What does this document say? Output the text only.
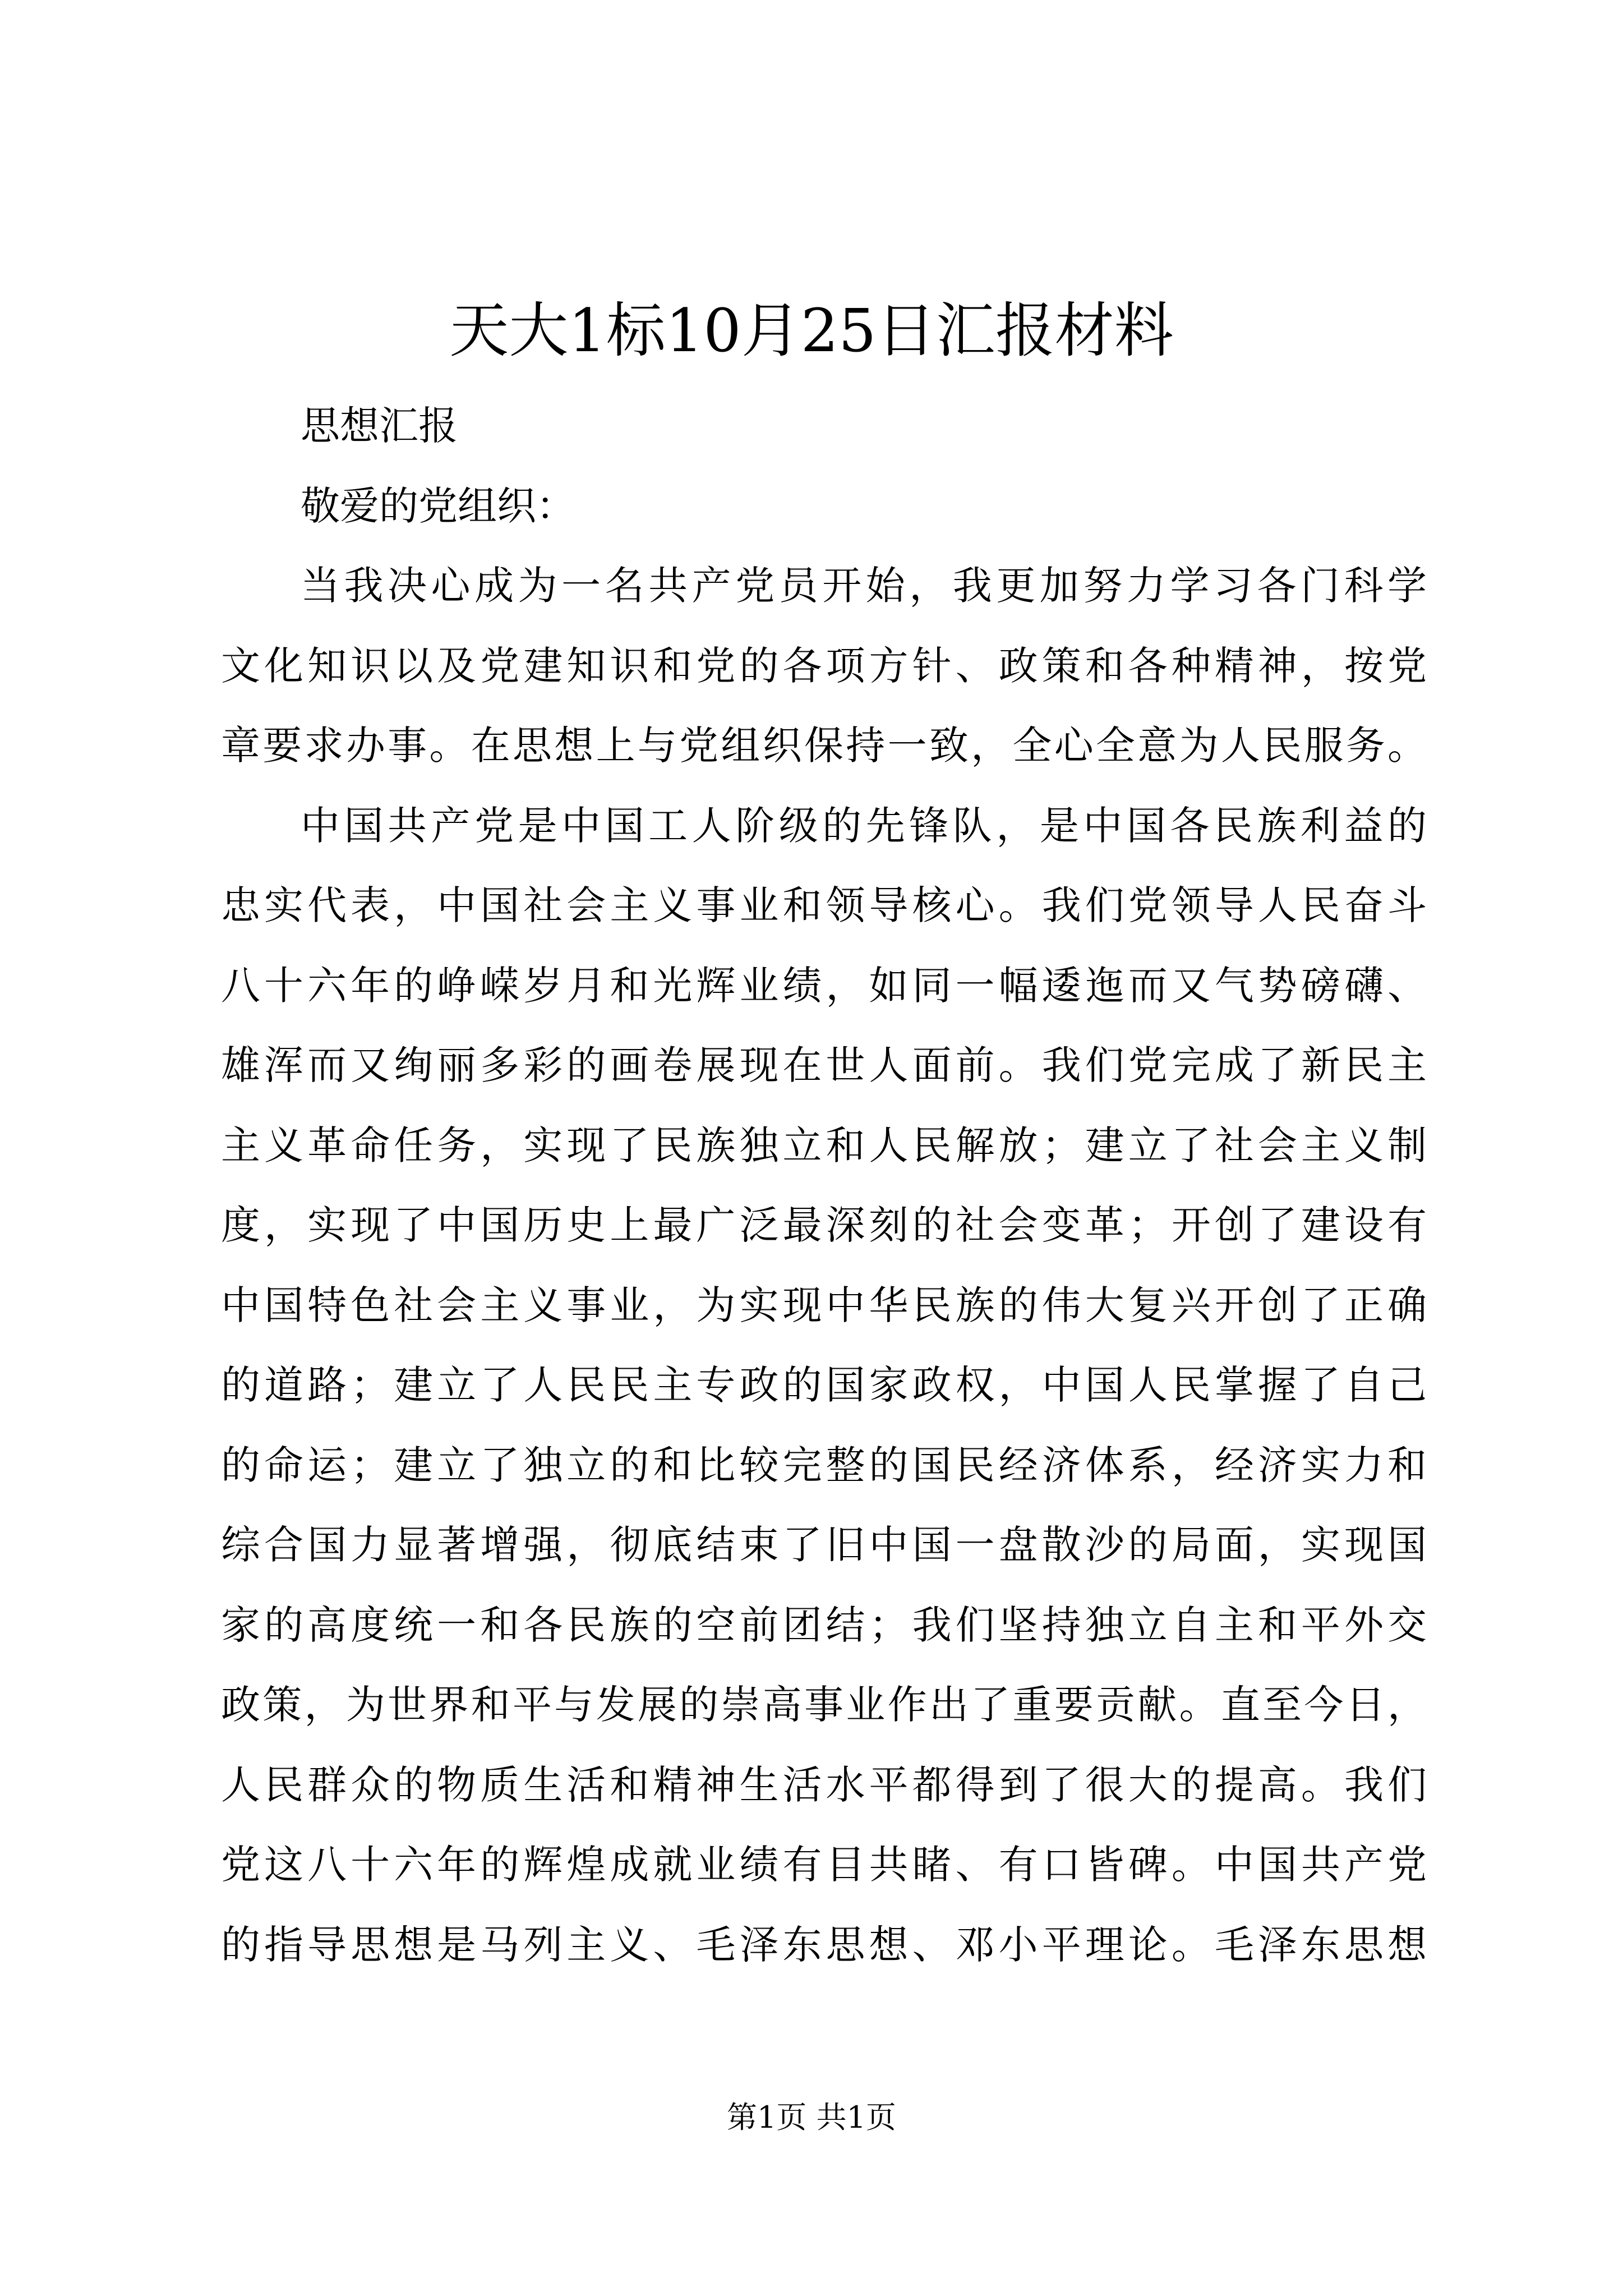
天大1标10月25日汇报材料
思想汇报
敬爱的党组织：
当我决心成为一名共产党员开始，我更加努力学习各门科学
文化知识以及党建知识和党的各项方针、政策和各种精神，按党
章要求办事。在思想上与党组织保持一致，全心全意为人民服务。
中国共产党是中国工人阶级的先锋队，是中国各民族利益的
忠实代表，中国社会主义事业和领导核心。我们党领导人民奋斗
八十六年的峥嵘岁月和光辉业绩，如同一幅逶迤而又气势磅礴、
雄浑而又绚丽多彩的画卷展现在世人面前。我们党完成了新民主
主义革命任务，实现了民族独立和人民解放；建立了社会主义制
度，实现了中国历史上最广泛最深刻的社会变革；开创了建设有
中国特色社会主义事业，为实现中华民族的伟大复兴开创了正确
的道路；建立了人民民主专政的国家政权，中国人民掌握了自己
的命运；建立了独立的和比较完整的国民经济体系，经济实力和
综合国力显著增强，彻底结束了旧中国一盘散沙的局面，实现国
家的高度统一和各民族的空前团结；我们坚持独立自主和平外交
政策，为世界和平与发展的崇高事业作出了重要贡献。直至今日，
人民群众的物质生活和精神生活水平都得到了很大的提高。我们
党这八十六年的辉煌成就业绩有目共睹、有口皆碑。中国共产党
的指导思想是马列主义、毛泽东思想、邓小平理论。毛泽东思想
第1页 共1页
